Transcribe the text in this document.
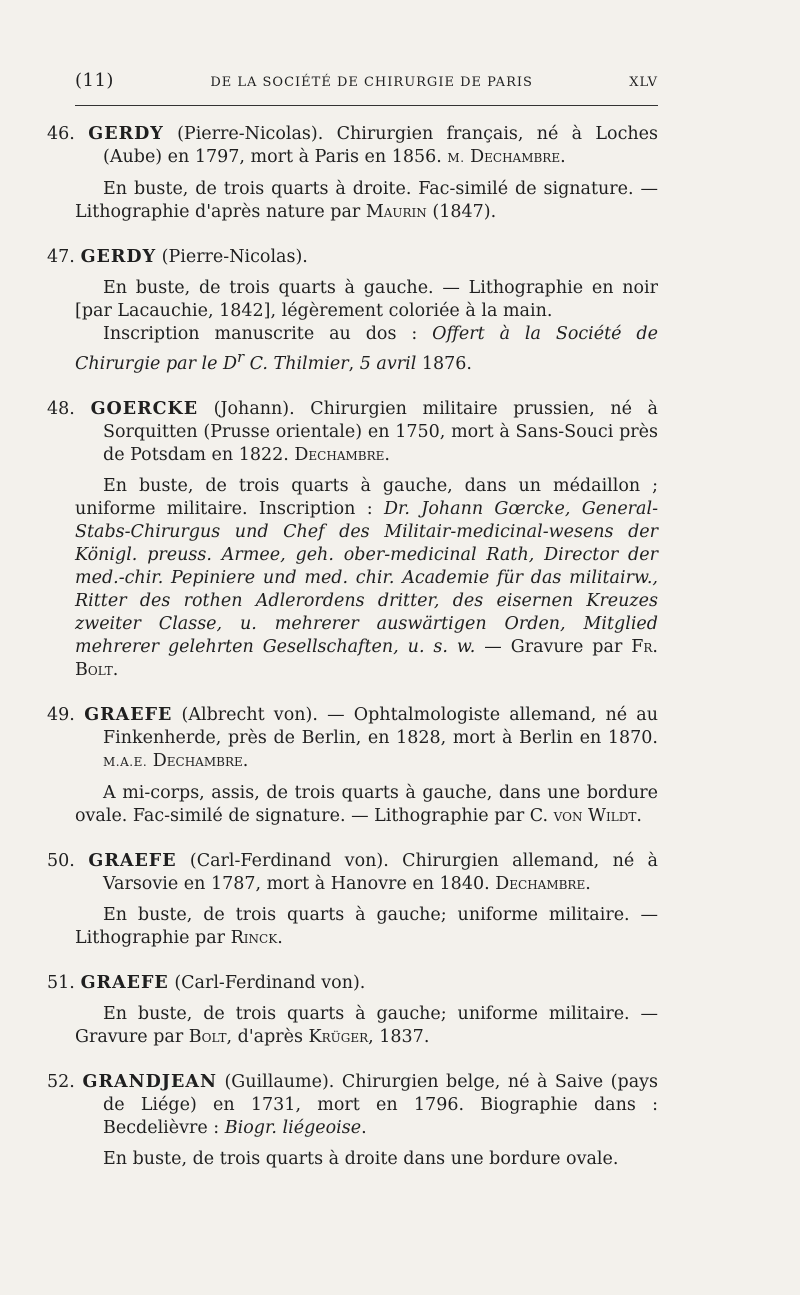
(11)	DE LA SOCIÉTÉ DE CHIRURGIE DE PARIS	XLV

46. GERDY (Pierre-Nicolas). Chirurgien français, né à Loches (Aube) en 1797, mort à Paris en 1856. M. Dechambre.

En buste, de trois quarts à droite. Fac-similé de signature. — Lithographie d'après nature par Maurin (1847).

47. GERDY (Pierre-Nicolas).

En buste, de trois quarts à gauche. — Lithographie en noir [par Lacauchie, 1842], légèrement coloriée à la main.

Inscription manuscrite au dos : Offert à la Société de Chirurgie par le $D^r$ C. Thilmier, 5 avril 1876.

48. GOERCKE (Johann). Chirurgien militaire prussien, né à Sorquitten (Prusse orientale) en 1750, mort à Sans-Souci près de Potsdam en 1822. Dechambre.

En buste, de trois quarts à gauche, dans un médaillon ; uniforme militaire. Inscription : Dr. Johann Gœrcke, General-Stabs-Chirurgus und Chef des Militair-medicinal-wesens der Königl. preuss. Armee, geh. ober-medicinal Rath, Director der med.-chir. Pepiniere und med. chir. Academie für das militairw., Ritter des rothen Adlerordens dritter, des eisernen Kreuzes zweiter Classe, u. mehrerer auswärtigen Orden, Mitglied mehrerer gelehrten Gesellschaften, u. s. w. — Gravure par Fr. Bolt.

49. GRAEFE (Albrecht von). — Ophtalmologiste allemand, né au Finkenherde, près de Berlin, en 1828, mort à Berlin en 1870. M.A.E. Dechambre.

A mi-corps, assis, de trois quarts à gauche, dans une bordure ovale. Fac-similé de signature. — Lithographie par C. von Wildt.

50. GRAEFE (Carl-Ferdinand von). Chirurgien allemand, né à Varsovie en 1787, mort à Hanovre en 1840. Dechambre.

En buste, de trois quarts à gauche; uniforme militaire. — Lithographie par Rinck.

51. GRAEFE (Carl-Ferdinand von).

En buste, de trois quarts à gauche; uniforme militaire. — Gravure par Bolt, d'après Krüger, 1837.

52. GRANDJEAN (Guillaume). Chirurgien belge, né à Saive (pays de Liége) en 1731, mort en 1796. Biographie dans : Becdelièvre : Biogr. liégeoise.

En buste, de trois quarts à droite dans une bordure ovale.
